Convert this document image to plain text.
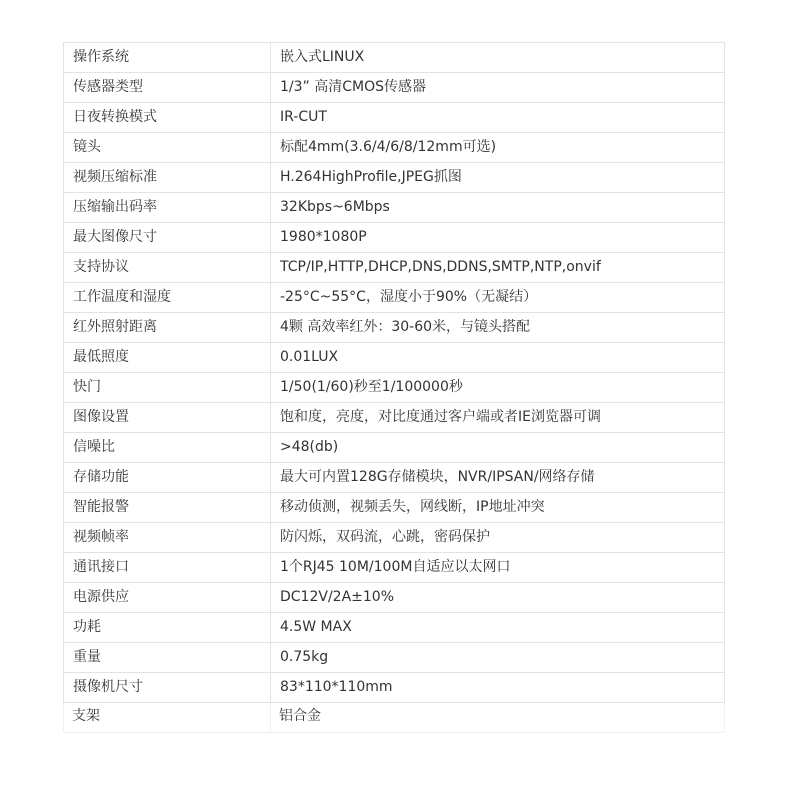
操作系统	嵌入式LINUX
传感器类型	1/3” 高清CMOS传感器
日夜转换模式	IR-CUT
镜头	标配4mm(3.6/4/6/8/12mm可选)
视频压缩标准	H.264HighProfile,JPEG抓图
压缩输出码率	32Kbps~6Mbps
最大图像尺寸	1980*1080P
支持协议	TCP/IP,HTTP,DHCP,DNS,DDNS,SMTP,NTP,onvif
工作温度和湿度	-25°C~55°C，湿度小于90%（无凝结）
红外照射距离	4颗 高效率红外：30-60米，与镜头搭配
最低照度	0.01LUX
快门	1/50(1/60)秒至1/100000秒
图像设置	饱和度，亮度，对比度通过客户端或者IE浏览器可调
信噪比	>48(db)
存储功能	最大可内置128G存储模块，NVR/IPSAN/网络存储
智能报警	移动侦测，视频丢失，网线断，IP地址冲突
视频帧率	防闪烁，双码流，心跳，密码保护
通讯接口	1个RJ45 10M/100M自适应以太网口
电源供应	DC12V/2A±10%
功耗	4.5W MAX
重量	0.75kg
摄像机尺寸	83*110*110mm
支架	铝合金
